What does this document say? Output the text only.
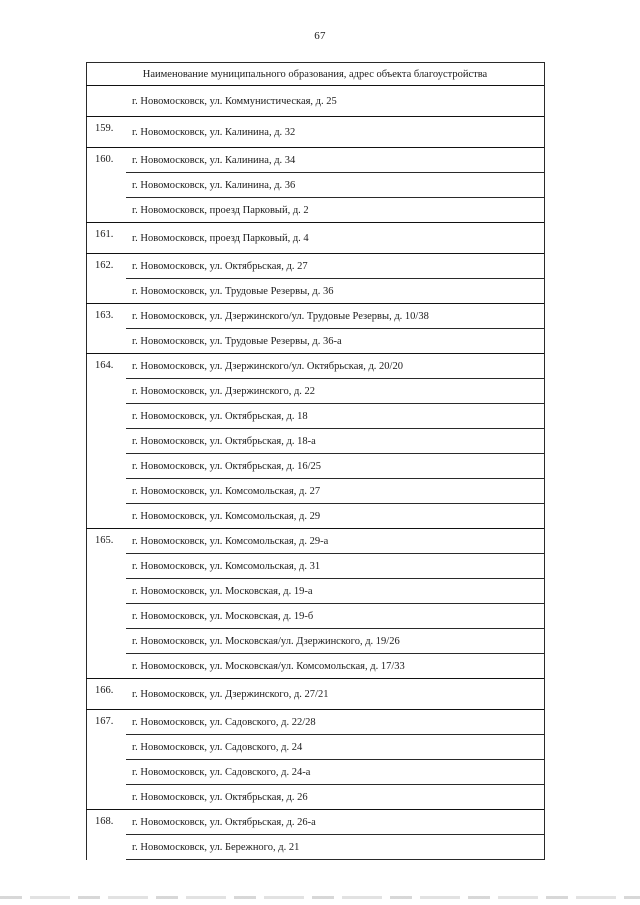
67
Наименование муниципального образования, адрес объекта благоустройства	
	г. Новомосковск, ул. Коммунистическая, д. 25
159.	г. Новомосковск, ул. Калинина, д. 32
160.	г. Новомосковск, ул. Калинина, д. 34
	г. Новомосковск, ул. Калинина, д. 36
	г. Новомосковск, проезд Парковый, д. 2
161.	г. Новомосковск, проезд Парковый, д. 4
162.	г. Новомосковск, ул. Октябрьская, д. 27
	г. Новомосковск, ул. Трудовые Резервы, д. 36
163.	г. Новомосковск, ул. Дзержинского/ул. Трудовые Резервы, д. 10/38
	г. Новомосковск, ул. Трудовые Резервы, д. 36-а
164.	г. Новомосковск, ул. Дзержинского/ул. Октябрьская, д. 20/20
	г. Новомосковск, ул. Дзержинского, д. 22
	г. Новомосковск, ул. Октябрьская, д. 18
	г. Новомосковск, ул. Октябрьская, д. 18-а
	г. Новомосковск, ул. Октябрьская, д. 16/25
	г. Новомосковск, ул. Комсомольская, д. 27
	г. Новомосковск, ул. Комсомольская, д. 29
165.	г. Новомосковск, ул. Комсомольская, д. 29-а
	г. Новомосковск, ул. Комсомольская, д. 31
	г. Новомосковск, ул. Московская, д. 19-а
	г. Новомосковск, ул. Московская, д. 19-б
	г. Новомосковск, ул. Московская/ул. Дзержинского, д. 19/26
	г. Новомосковск, ул. Московская/ул. Комсомольская, д. 17/33
166.	г. Новомосковск, ул. Дзержинского, д. 27/21
167.	г. Новомосковск, ул. Садовского, д. 22/28
	г. Новомосковск, ул. Садовского, д. 24
	г. Новомосковск, ул. Садовского, д. 24-а
	г. Новомосковск, ул. Октябрьская, д. 26
168.	г. Новомосковск, ул. Октябрьская, д. 26-а
	г. Новомосковск, ул. Бережного, д. 21
